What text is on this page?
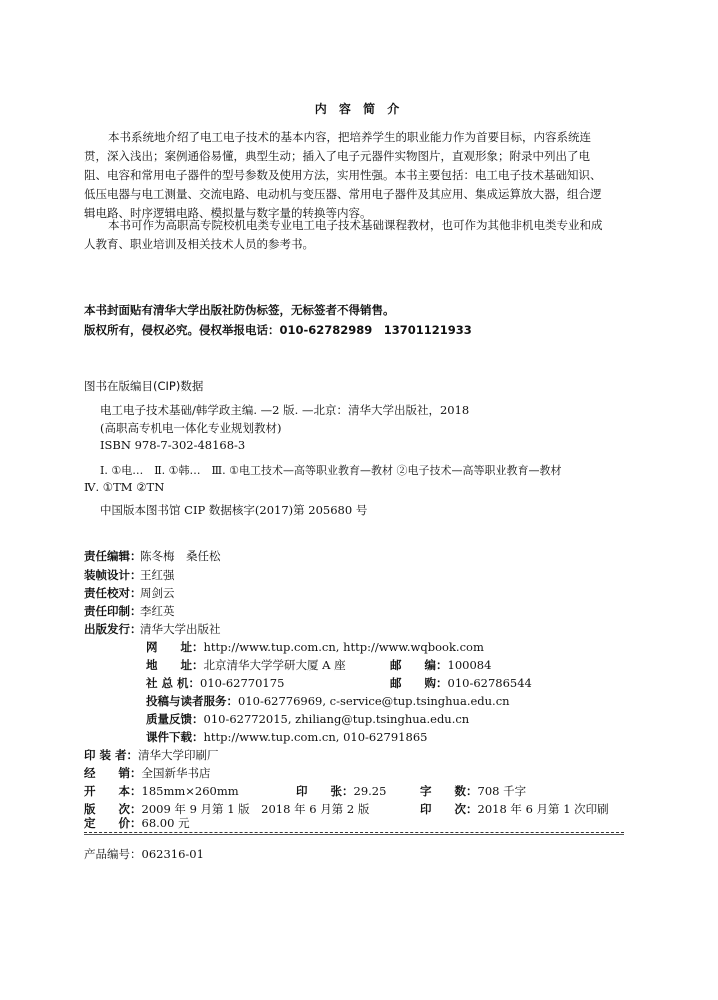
内 容 简 介
本书系统地介绍了电工电子技术的基本内容，把培养学生的职业能力作为首要目标，内容系统连
贯，深入浅出；案例通俗易懂，典型生动；插入了电子元器件实物图片，直观形象；附录中列出了电
阻、电容和常用电子器件的型号参数及使用方法，实用性强。本书主要包括：电工电子技术基础知识、
低压电器与电工测量、交流电路、电动机与变压器、常用电子器件及其应用、集成运算放大器，组合逻
辑电路、时序逻辑电路、模拟量与数字量的转换等内容。
本书可作为高职高专院校机电类专业电工电子技术基础课程教材，也可作为其他非机电类专业和成
人教育、职业培训及相关技术人员的参考书。
本书封面贴有清华大学出版社防伪标签，无标签者不得销售。
版权所有，侵权必究。侵权举报电话：010-62782989　13701121933
图书在版编目(CIP)数据
电工电子技术基础/韩学政主编. —2 版. —北京：清华大学出版社，2018
(高职高专机电一体化专业规划教材)
ISBN 978-7-302-48168-3
Ⅰ. ①电…　Ⅱ. ①韩…　Ⅲ. ①电工技术—高等职业教育—教材 ②电子技术—高等职业教育—教材
Ⅳ. ①TM ②TN
中国版本图书馆 CIP 数据核字(2017)第 205680 号
责任编辑：陈冬梅　桑任松
装帧设计：王红强
责任校对：周剑云
责任印制：李红英
出版发行：清华大学出版社
网　　址：http://www.tup.com.cn, http://www.wqbook.com
地　　址：北京清华大学学研大厦 A 座	邮　　编：100084
社 总 机：010-62770175	邮　　购：010-62786544
投稿与读者服务：010-62776969, c-service@tup.tsinghua.edu.cn
质量反馈：010-62772015, zhiliang@tup.tsinghua.edu.cn
课件下载：http://www.tup.com.cn, 010-62791865
印 装 者：清华大学印刷厂
经　　销：全国新华书店
开　　本：185mm×260mm	印　　张：29.25	字　　数：708 千字
版　　次：2009 年 9 月第 1 版　2018 年 6 月第 2 版	印　　次：2018 年 6 月第 1 次印刷
定　　价：68.00 元
产品编号：062316-01
